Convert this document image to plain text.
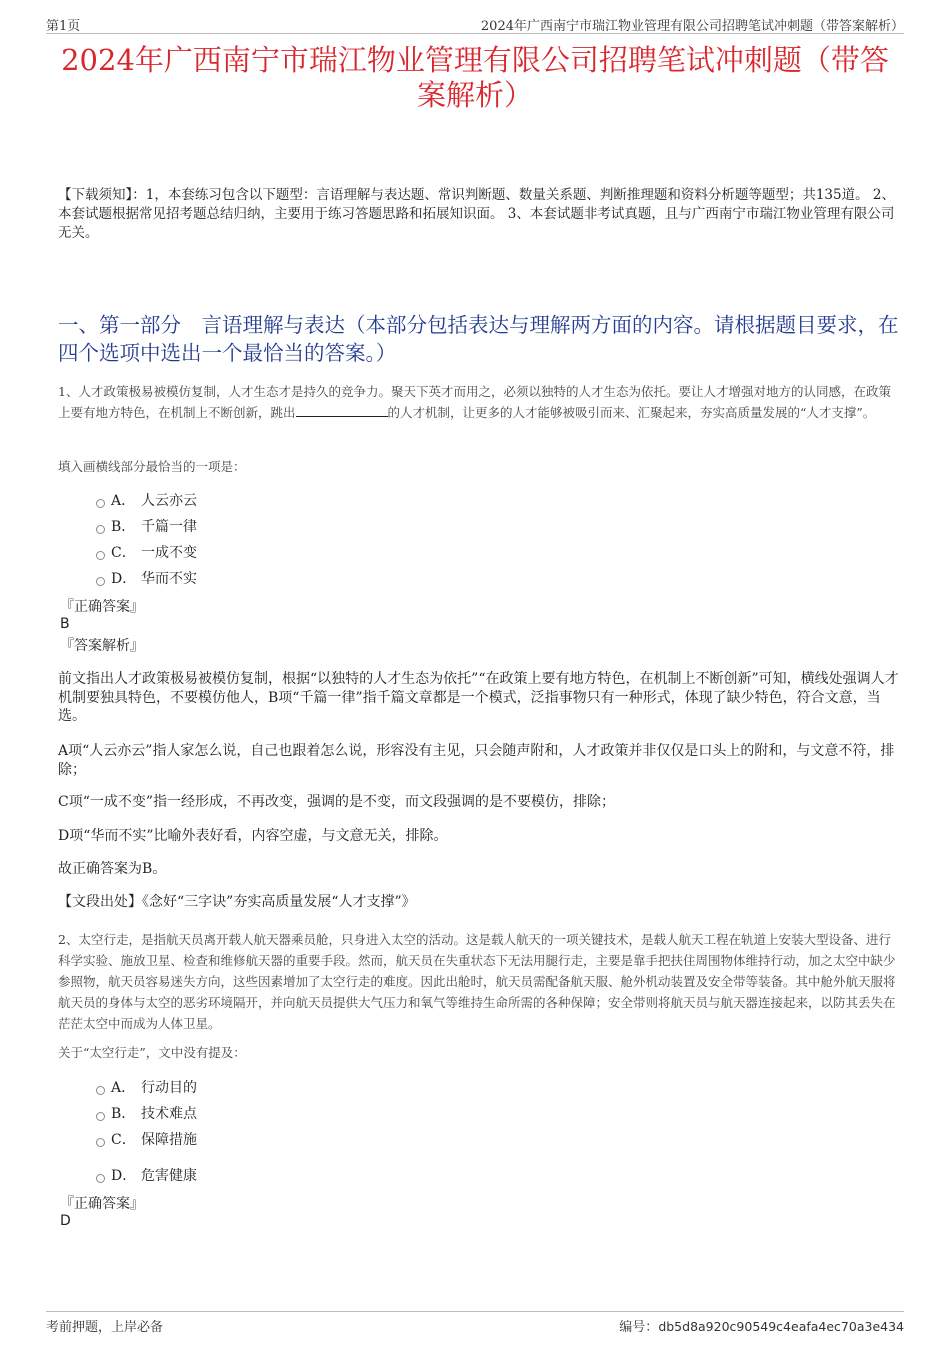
第1页	2024年广西南宁市瑞江物业管理有限公司招聘笔试冲刺题（带答案解析）
2024年广西南宁市瑞江物业管理有限公司招聘笔试冲刺题（带答案解析）
【下载须知】：1，本套练习包含以下题型：言语理解与表达题、常识判断题、数量关系题、判断推理题和资料分析题等题型；共135道。 2、本套试题根据常见招考题总结归纳，主要用于练习答题思路和拓展知识面。 3、本套试题非考试真题，且与广西南宁市瑞江物业管理有限公司无关。
一、第一部分　言语理解与表达（本部分包括表达与理解两方面的内容。请根据题目要求，在四个选项中选出一个最恰当的答案。）
1、人才政策极易被模仿复制，人才生态才是持久的竞争力。聚天下英才而用之，必须以独特的人才生态为依托。要让人才增强对地方的认同感，在政策上要有地方特色，在机制上不断创新，跳出	的人才机制，让更多的人才能够被吸引而来、汇聚起来，夯实高质量发展的“人才支撑”。
填入画横线部分最恰当的一项是：
A． 人云亦云
B． 千篇一律
C． 一成不变
D． 华而不实
『正确答案』
B
『答案解析』
前文指出人才政策极易被模仿复制，根据“以独特的人才生态为依托”“在政策上要有地方特色，在机制上不断创新”可知，横线处强调人才机制要独具特色，不要模仿他人，B项“千篇一律”指千篇文章都是一个模式，泛指事物只有一种形式，体现了缺少特色，符合文意，当选。
A项“人云亦云”指人家怎么说，自己也跟着怎么说，形容没有主见，只会随声附和，人才政策并非仅仅是口头上的附和，与文意不符，排除；
C项“一成不变”指一经形成，不再改变，强调的是不变，而文段强调的是不要模仿，排除；
D项“华而不实”比喻外表好看，内容空虚，与文意无关，排除。
故正确答案为B。
【文段出处】《念好“三字诀”夯实高质量发展“人才支撑”》
2、太空行走，是指航天员离开载人航天器乘员舱，只身进入太空的活动。这是载人航天的一项关键技术，是载人航天工程在轨道上安装大型设备、进行科学实验、施放卫星、检查和维修航天器的重要手段。然而，航天员在失重状态下无法用腿行走，主要是靠手把扶住周围物体维持行动，加之太空中缺少参照物，航天员容易迷失方向，这些因素增加了太空行走的难度。因此出舱时，航天员需配备航天服、舱外机动装置及安全带等装备。其中舱外航天服将航天员的身体与太空的恶劣环境隔开，并向航天员提供大气压力和氧气等维持生命所需的各种保障；安全带则将航天员与航天器连接起来，以防其丢失在茫茫太空中而成为人体卫星。
关于“太空行走”，文中没有提及：
A． 行动目的
B． 技术难点
C． 保障措施
D． 危害健康
『正确答案』
D
考前押题，上岸必备	编号：db5d8a920c90549c4eafa4ec70a3e434
